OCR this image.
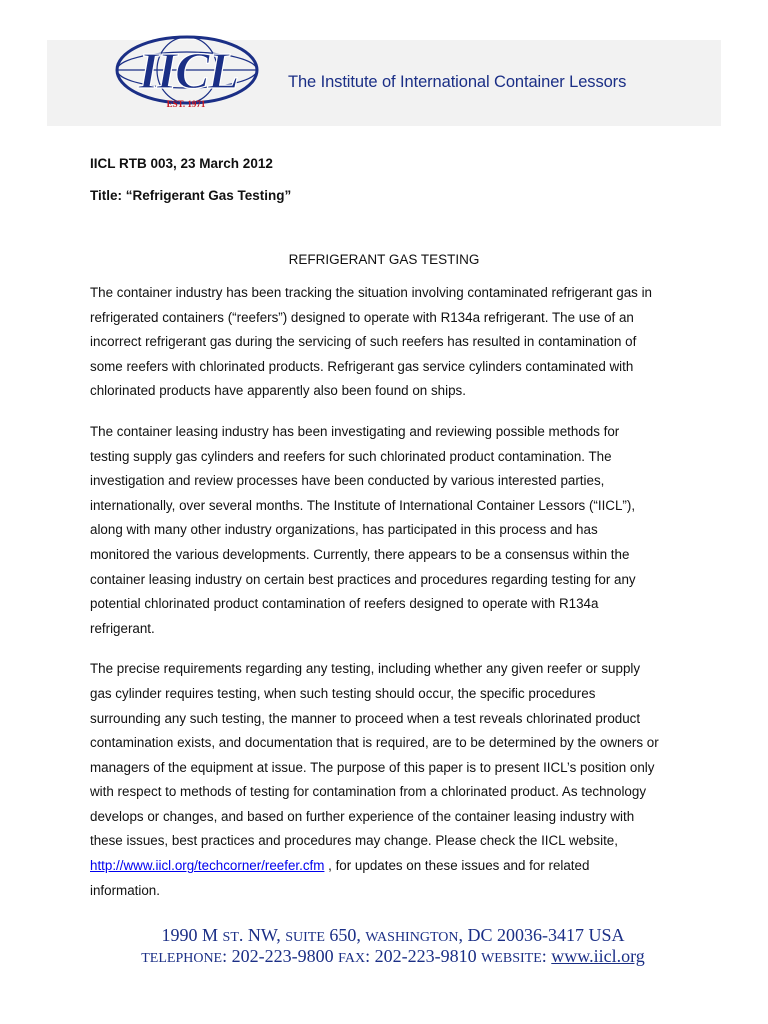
IICL
EST. 1971
The Institute of International Container Lessors
IICL RTB 003, 23 March 2012
Title: “Refrigerant Gas Testing”
REFRIGERANT GAS TESTING

The container industry has been tracking the situation involving contaminated refrigerant gas in
refrigerated containers (“reefers”) designed to operate with R134a refrigerant. The use of an
incorrect refrigerant gas during the servicing of such reefers has resulted in contamination of
some reefers with chlorinated products. Refrigerant gas service cylinders contaminated with
chlorinated products have apparently also been found on ships.

The container leasing industry has been investigating and reviewing possible methods for
testing supply gas cylinders and reefers for such chlorinated product contamination. The
investigation and review processes have been conducted by various interested parties,
internationally, over several months. The Institute of International Container Lessors (“IICL”),
along with many other industry organizations, has participated in this process and has
monitored the various developments. Currently, there appears to be a consensus within the
container leasing industry on certain best practices and procedures regarding testing for any
potential chlorinated product contamination of reefers designed to operate with R134a
refrigerant.

The precise requirements regarding any testing, including whether any given reefer or supply
gas cylinder requires testing, when such testing should occur, the specific procedures
surrounding any such testing, the manner to proceed when a test reveals chlorinated product
contamination exists, and documentation that is required, are to be determined by the owners or
managers of the equipment at issue. The purpose of this paper is to present IICL’s position only
with respect to methods of testing for contamination from a chlorinated product. As technology
develops or changes, and based on further experience of the container leasing industry with
these issues, best practices and procedures may change. Please check the IICL website,
http://www.iicl.org/techcorner/reefer.cfm , for updates on these issues and for related
information.

1990 M ST. NW, SUITE 650, WASHINGTON, DC 20036-3417 USA
TELEPHONE: 202-223-9800 FAX: 202-223-9810 WEBSITE: www.iicl.org
